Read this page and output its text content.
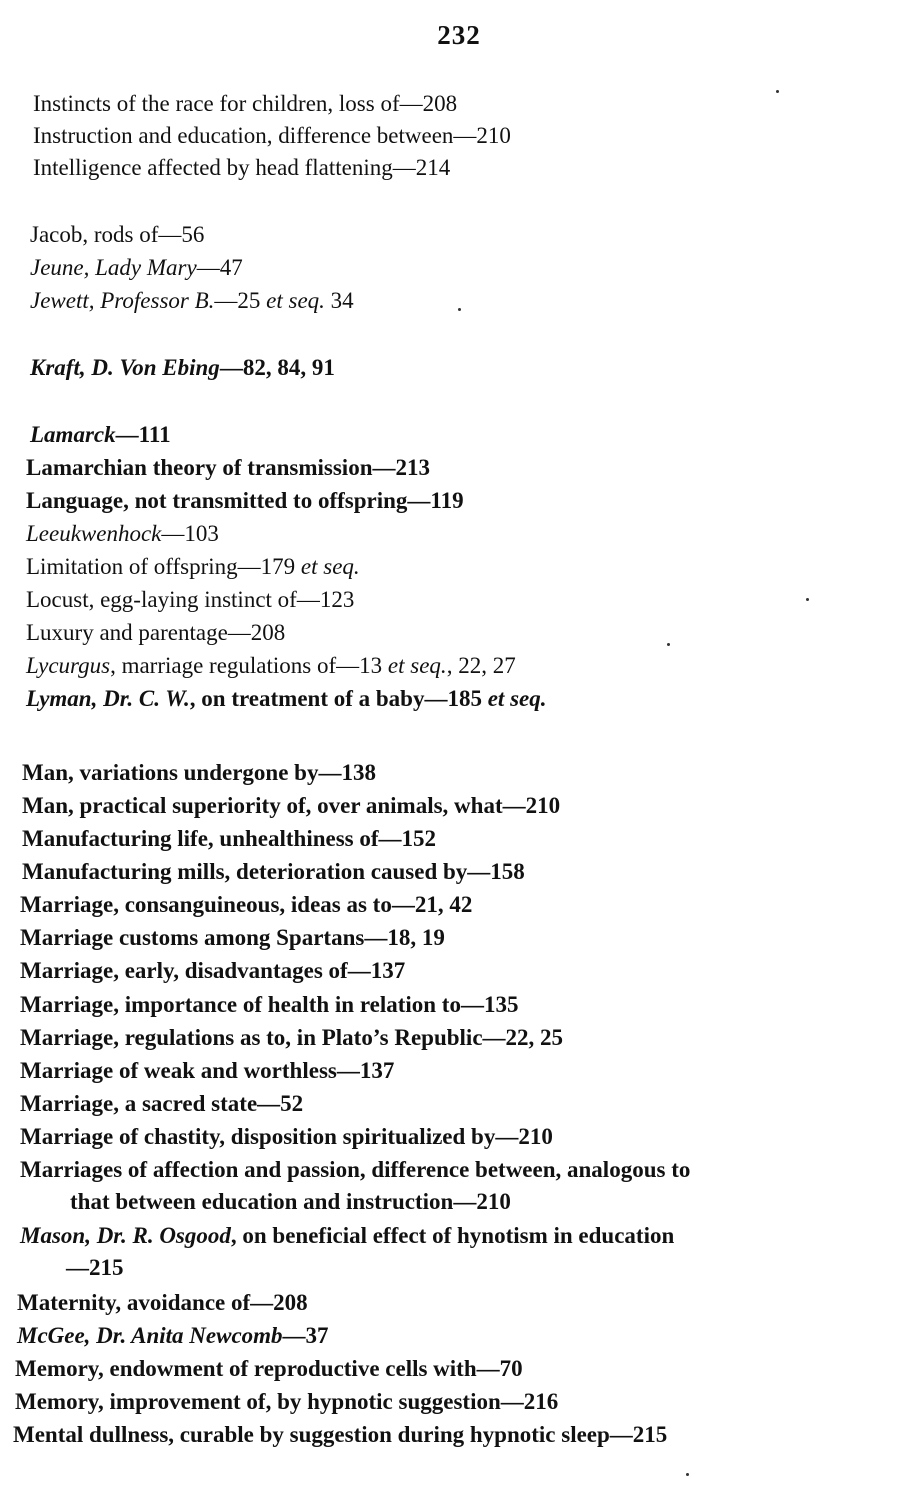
232
Instincts of the race for children, loss of—208
Instruction and education, difference between—210
Intelligence affected by head flattening—214
Jacob, rods of—56
Jeune, Lady Mary—47
Jewett, Professor B.—25 et seq. 34
Kraft, D. Von Ebing—82, 84, 91
Lamarck—111
Lamarchian theory of transmission—213
Language, not transmitted to offspring—119
Leeukwenhock—103
Limitation of offspring—179 et seq.
Locust, egg-laying instinct of—123
Luxury and parentage—208
Lycurgus, marriage regulations of—13 et seq., 22, 27
Lyman, Dr. C. W., on treatment of a baby—185 et seq.
Man, variations undergone by—138
Man, practical superiority of, over animals, what—210
Manufacturing life, unhealthiness of—152
Manufacturing mills, deterioration caused by—158
Marriage, consanguineous, ideas as to—21, 42
Marriage customs among Spartans—18, 19
Marriage, early, disadvantages of—137
Marriage, importance of health in relation to—135
Marriage, regulations as to, in Plato’s Republic—22, 25
Marriage of weak and worthless—137
Marriage, a sacred state—52
Marriage of chastity, disposition spiritualized by—210
Marriages of affection and passion, difference between, analogous to
that between education and instruction—210
Mason, Dr. R. Osgood, on beneficial effect of hynotism in education
—215
Maternity, avoidance of—208
McGee, Dr. Anita Newcomb—37
Memory, endowment of reproductive cells with—70
Memory, improvement of, by hypnotic suggestion—216
Mental dullness, curable by suggestion during hypnotic sleep—215
